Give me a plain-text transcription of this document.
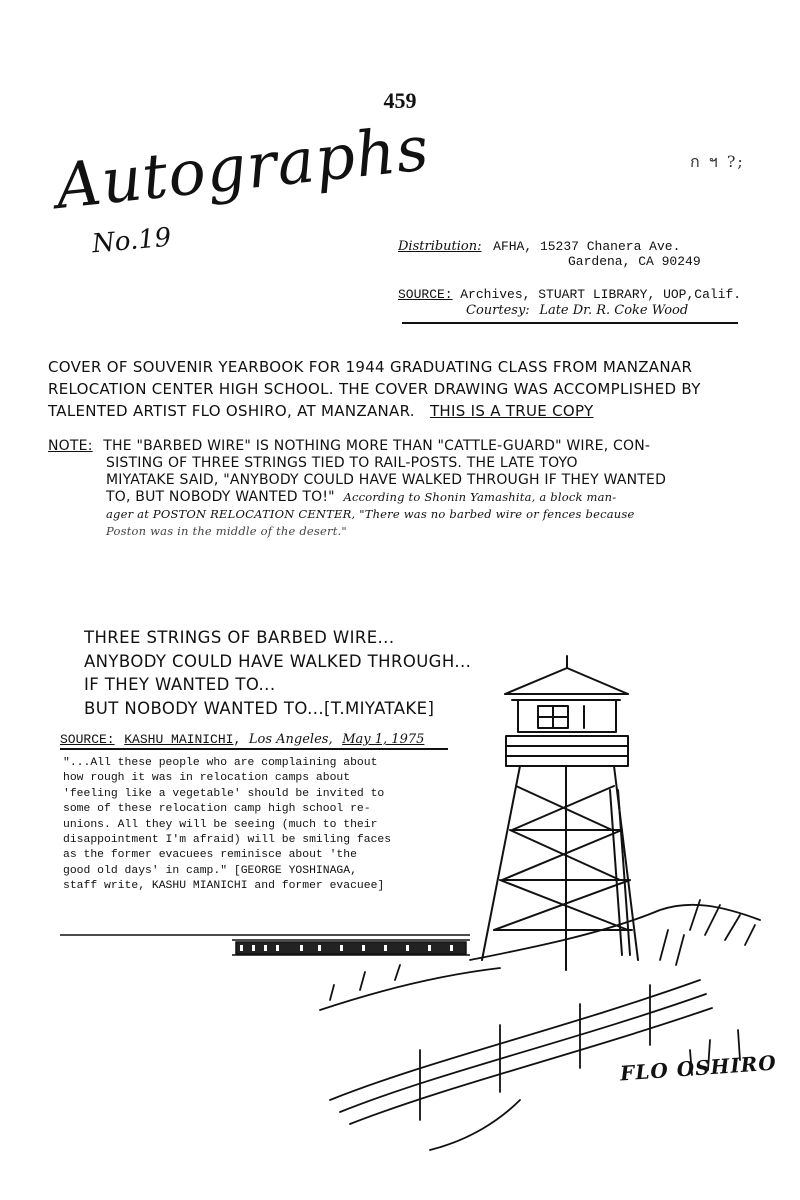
459
ก ฯ ?;
Autographs
No.19	Distribution: AFHA, 15237 Chanera Ave.
Gardena, CA 90249
SOURCE: Archives, STUART LIBRARY, UOP,Calif.
Courtesy: Late Dr. R. Coke Wood
COVER OF SOUVENIR YEARBOOK FOR 1944 GRADUATING CLASS FROM MANZANAR
RELOCATION CENTER HIGH SCHOOL. THE COVER DRAWING WAS ACCOMPLISHED BY
TALENTED ARTIST FLO OSHIRO, AT MANZANAR. THIS IS A TRUE COPY
NOTE: THE "BARBED WIRE" IS NOTHING MORE THAN "CATTLE-GUARD" WIRE, CON-
SISTING OF THREE STRINGS TIED TO RAIL-POSTS. THE LATE TOYO
MIYATAKE SAID, "ANYBODY COULD HAVE WALKED THROUGH IF THEY WANTED
TO, BUT NOBODY WANTED TO!" According to Shonin Yamashita, a block man-
ager at POSTON RELOCATION CENTER, "There was no barbed wire or fences because
Poston was in the middle of the desert."
THREE STRINGS OF BARBED WIRE...
ANYBODY COULD HAVE WALKED THROUGH...
IF THEY WANTED TO...
BUT NOBODY WANTED TO...[T.MIYATAKE]
SOURCE: KASHU MAINICHI, Los Angeles, May 1, 1975
"...All these people who are complaining about
how rough it was in relocation camps about
'feeling like a vegetable' should be invited to
some of these relocation camp high school re-
unions. All they will be seeing (much to their
disappointment I'm afraid) will be smiling faces
as the former evacuees reminisce about 'the
good old days' in camp." [GEORGE YOSHINAGA,
staff write, KASHU MIANICHI and former evacuee]
FLO OSHIRO
